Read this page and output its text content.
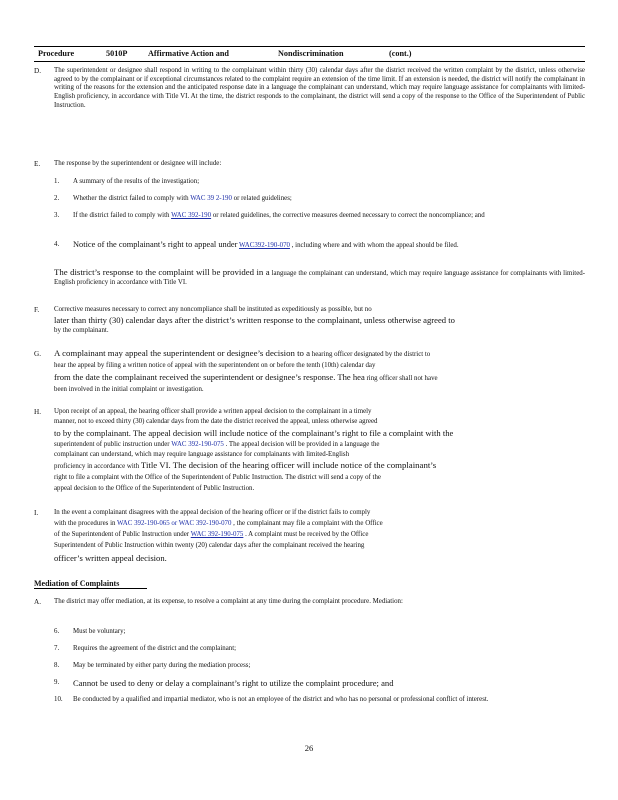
Procedure	5010P	Affirmative Action and	Nondiscrimination	(cont.)
D. The superintendent or designee shall respond in writing to the complainant within thirty (30) calendar days after the district received the written complaint by the district, unless otherwise agreed to by the complainant or if exceptional circumstances related to the complaint require an extension of the time limit. If an extension is needed, the district will notify the complainant in writing of the reasons for the extension and the anticipated response date in a language the complainant can understand, which may require language assistance for complainants with limited-English proficiency, in accordance with Title VI. At the time, the district responds to the complainant, the district will send a copy of the response to the Office of the Superintendent of Public Instruction.
E. The response by the superintendent or designee will include:
1. A summary of the results of the investigation;
2. Whether the district failed to comply with WAC 39 2-190 or related guidelines;
3. If the district failed to comply with WAC 392-190 or related guidelines, the corrective measures deemed necessary to correct the noncompliance; and
4. Notice of the complainant’s right to appeal under WAC392-190-070 , including where and with whom the appeal should be filed.
The district’s response to the complaint will be provided in a language the complainant can understand, which may require language assistance for complainants with limited-English proficiency in accordance with Title VI.
F. Corrective measures necessary to correct any noncompliance shall be instituted as expeditiously as possible, but no
later than thirty (30) calendar days after the district’s written response to the complainant, unless otherwise agreed to
by the complainant.
G. A complainant may appeal the superintendent or designee’s decision to a hearing officer designated by the district to
hear the appeal by filing a written notice of appeal with the superintendent on or before the tenth (10th) calendar day
from the date the complainant received the superintendent or designee’s response. The hea ring officer shall not have
been involved in the initial complaint or investigation.
H. Upon receipt of an appeal, the hearing officer shall provide a written appeal decision to the complainant in a timely
manner, not to exceed thirty (30) calendar days from the date the district received the appeal, unless otherwise agreed
to by the complainant. The appeal decision will include notice of the complainant’s right to file a complaint with the
superintendent of public instruction under WAC 392-190-075 . The appeal decision will be provided in a language the
complainant can understand, which may require language assistance for complainants with limited-English
proficiency in accordance with Title VI. The decision of the hearing officer will include notice of the complainant’s
right to file a complaint with the Office of the Superintendent of Public Instruction. The district will send a copy of the
appeal decision to the Office of the Superintendent of Public Instruction.
I. In the event a complainant disagrees with the appeal decision of the hearing officer or if the district fails to comply
with the procedures in WAC 392-190-065 or WAC 392-190-070 , the complainant may file a complaint with the Office
of the Superintendent of Public Instruction under WAC 392-190-075 . A complaint must be received by the Office
Superintendent of Public Instruction within twenty (20) calendar days after the complainant received the hearing
officer’s written appeal decision.
Mediation of Complaints
A. The district may offer mediation, at its expense, to resolve a complaint at any time during the complaint procedure. Mediation:
6. Must be voluntary;
7. Requires the agreement of the district and the complainant;
8. May be terminated by either party during the mediation process;
9. Cannot be used to deny or delay a complainant’s right to utilize the complaint procedure; and
10. Be conducted by a qualified and impartial mediator, who is not an employee of the district and who has no personal or professional conflict of interest.
26
